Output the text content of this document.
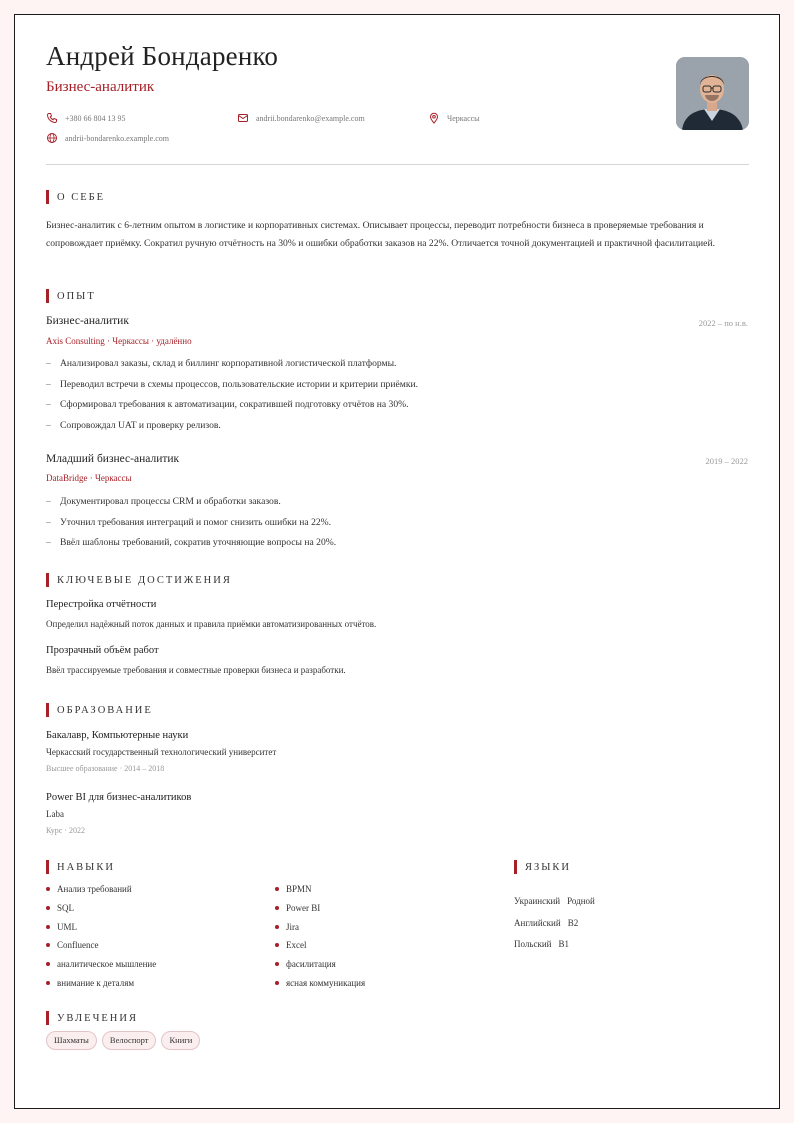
Андрей Бондаренко
Бизнес-аналитик
+380 66 804 13 95	andrii.bondarenko@example.com	Черкассы
andrii-bondarenko.example.com
О СЕБЕ
Бизнес-аналитик с 6-летним опытом в логистике и корпоративных системах. Описывает процессы, переводит потребности бизнеса в проверяемые требования и сопровождает приёмку. Сократил ручную отчётность на 30% и ошибки обработки заказов на 22%. Отличается точной документацией и практичной фасилитацией.
ОПЫТ
Бизнес-аналитик	2022 – по н.в.
Axis Consulting · Черкассы · удалённо
– Анализировал заказы, склад и биллинг корпоративной логистической платформы.
– Переводил встречи в схемы процессов, пользовательские истории и критерии приёмки.
– Сформировал требования к автоматизации, сократившей подготовку отчётов на 30%.
– Сопровождал UAT и проверку релизов.
Младший бизнес-аналитик	2019 – 2022
DataBridge · Черкассы
– Документировал процессы CRM и обработки заказов.
– Уточнил требования интеграций и помог снизить ошибки на 22%.
– Ввёл шаблоны требований, сократив уточняющие вопросы на 20%.
КЛЮЧЕВЫЕ ДОСТИЖЕНИЯ
Перестройка отчётности
Определил надёжный поток данных и правила приёмки автоматизированных отчётов.
Прозрачный объём работ
Ввёл трассируемые требования и совместные проверки бизнеса и разработки.
ОБРАЗОВАНИЕ
Бакалавр, Компьютерные науки
Черкасский государственный технологический университет
Высшее образование · 2014 – 2018
Power BI для бизнес-аналитиков
Laba
Курс · 2022
НАВЫКИ
Анализ требований
SQL
UML
Confluence
аналитическое мышление
внимание к деталям
BPMN
Power BI
Jira
Excel
фасилитация
ясная коммуникация
ЯЗЫКИ
Украинский Родной
Английский B2
Польский B1
УВЛЕЧЕНИЯ
Шахматы	Велоспорт	Книги
